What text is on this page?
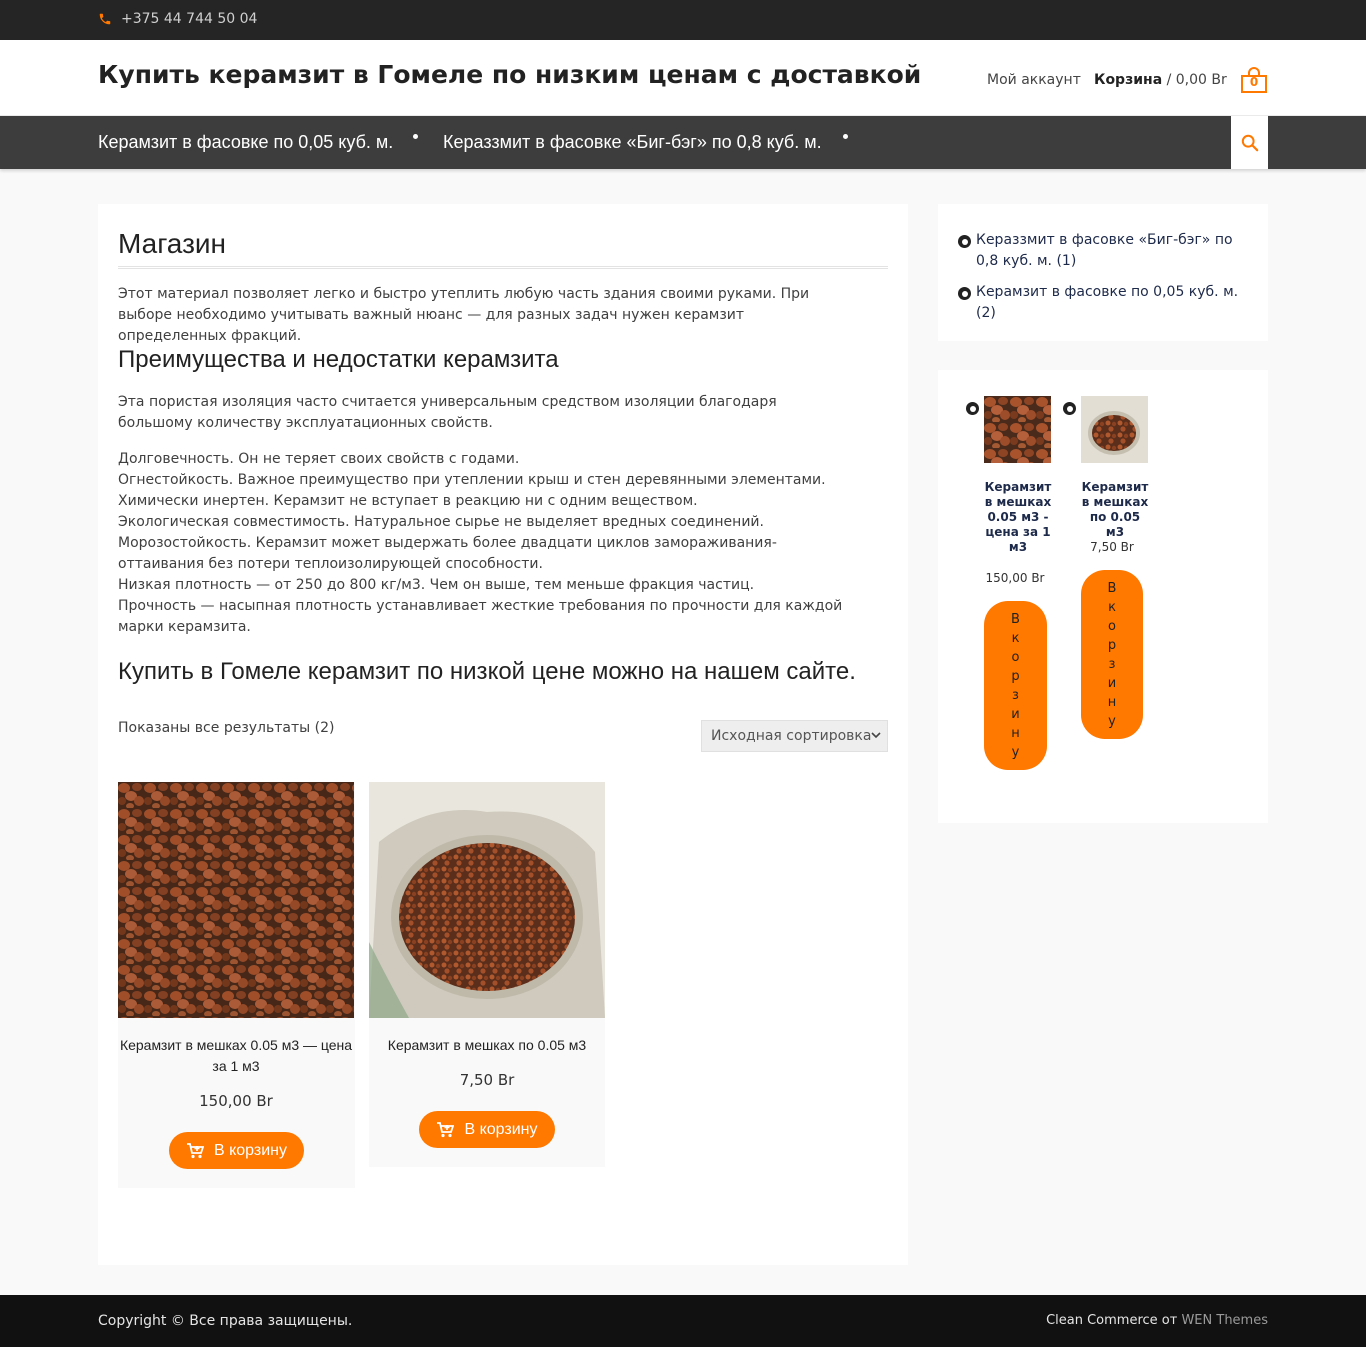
+375 44 744 50 04
Купить керамзит в Гомеле по низким ценам с доставкой	Мой аккаунт Корзина / 0,00 Br	0
Керамзит в фасовке по 0,05 куб. м.	Кераззмит в фасовке «Биг-бэг» по 0,8 куб. м.
Магазин
Этот материал позволяет легко и быстро утеплить любую часть здания своими руками. При выборе необходимо учитывать важный нюанс — для разных задач нужен керамзит определенных фракций.
Преимущества и недостатки керамзита
Эта пористая изоляция часто считается универсальным средством изоляции благодаря большому количеству эксплуатационных свойств.
Долговечность. Он не теряет своих свойств с годами.
Огнестойкость. Важное преимущество при утеплении крыш и стен деревянными элементами.
Химически инертен. Керамзит не вступает в реакцию ни с одним веществом.
Экологическая совместимость. Натуральное сырье не выделяет вредных соединений.
Морозостойкость. Керамзит может выдержать более двадцати циклов замораживания-оттаивания без потери теплоизолирующей способности.
Низкая плотность — от 250 до 800 кг/м3. Чем он выше, тем меньше фракция частиц.
Прочность — насыпная плотность устанавливает жесткие требования по прочности для каждой марки керамзита.
Купить в Гомеле керамзит по низкой цене можно на нашем сайте.
Показаны все результаты (2)	Исходная сортировка
Керамзит в мешках 0.05 м3 — цена за 1 м3
150,00 Br
В корзину
Керамзит в мешках по 0.05 м3
7,50 Br
В корзину
Кераззмит в фасовке «Биг-бэг» по 0,8 куб. м. (1)
Керамзит в фасовке по 0,05 куб. м. (2)
Керамзит в мешках 0.05 м3 - цена за 1 м3
150,00 Br
В корзину
Керамзит в мешках по 0.05 м3
7,50 Br
В корзину
Copyright © Все права защищены.	Clean Commerce от WEN Themes
